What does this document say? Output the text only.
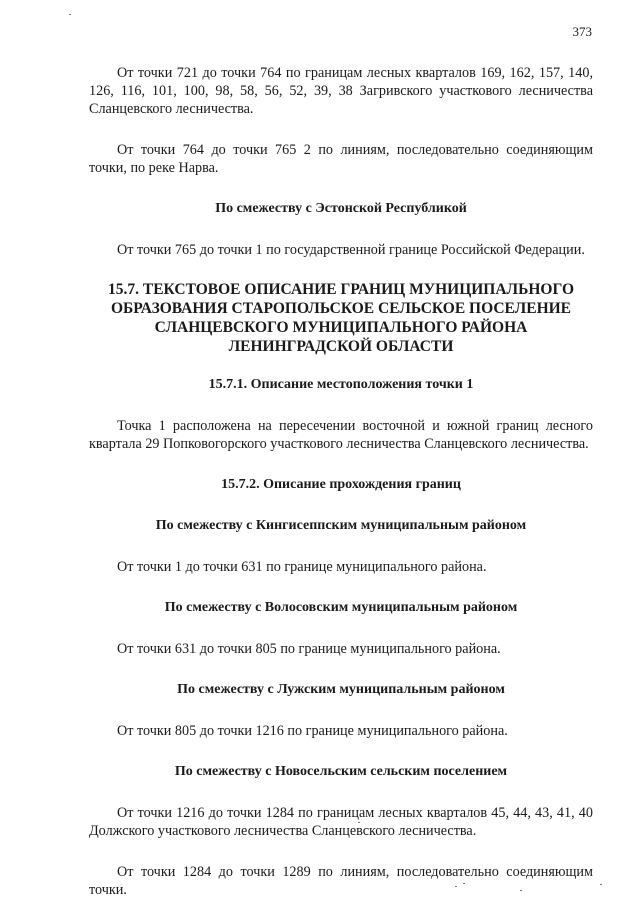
373

От точки 721 до точки 764 по границам лесных кварталов 169, 162, 157, 140, 126, 116, 101, 100, 98, 58, 56, 52, 39, 38 Загривского участкового лесничества Сланцевского лесничества.

От точки 764 до точки 765 2 по линиям, последовательно соединяющим точки, по реке Нарва.

По смежеству с Эстонской Республикой

От точки 765 до точки 1 по государственной границе Российской Федерации.

15.7. ТЕКСТОВОЕ ОПИСАНИЕ ГРАНИЦ МУНИЦИПАЛЬНОГО
ОБРАЗОВАНИЯ СТАРОПОЛЬСКОЕ СЕЛЬСКОЕ ПОСЕЛЕНИЕ
СЛАНЦЕВСКОГО МУНИЦИПАЛЬНОГО РАЙОНА
ЛЕНИНГРАДСКОЙ ОБЛАСТИ
15.7.1. Описание местоположения точки 1

Точка 1 расположена на пересечении восточной и южной границ лесного квартала 29 Попковогорского участкового лесничества Сланцевского лесничества.

15.7.2. Описание прохождения границ
По смежеству с Кингисеппским муниципальным районом

От точки 1 до точки 631 по границе муниципального района.

По смежеству с Волосовским муниципальным районом

От точки 631 до точки 805 по границе муниципального района.

По смежеству с Лужским муниципальным районом

От точки 805 до точки 1216 по границе муниципального района.

По смежеству с Новосельским сельским поселением

От точки 1216 до точки 1284 по границам лесных кварталов 45, 44, 43, 41, 40 Должского участкового лесничества Сланцевского лесничества.

От точки 1284 до точки 1289 по линиям, последовательно соединяющим точки.
